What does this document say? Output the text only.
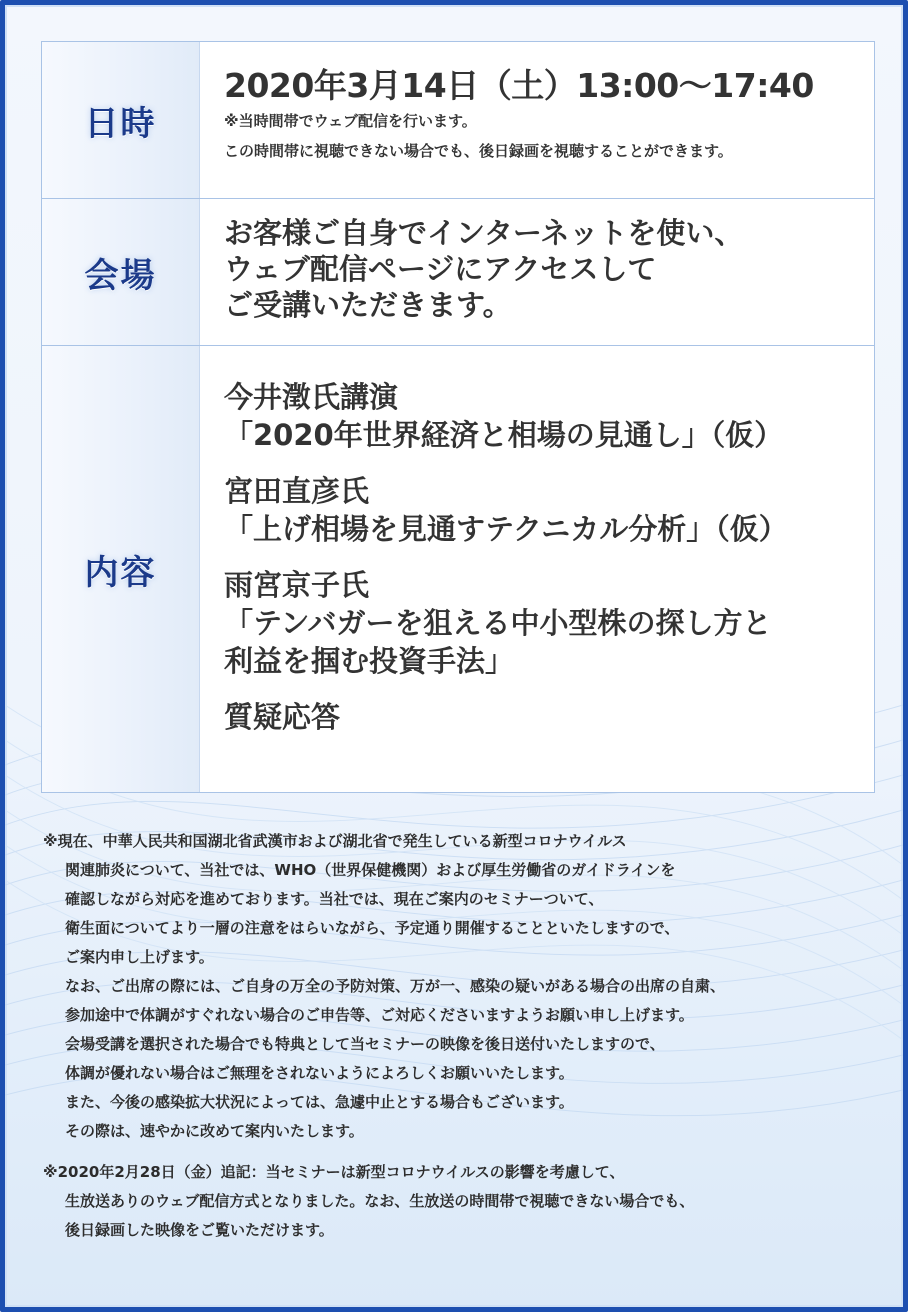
日時
2020年3月14日（土）13:00〜17:40
※当時間帯でウェブ配信を行います。
この時間帯に視聴できない場合でも、後日録画を視聴することができます。
会場
お客様ご自身でインターネットを使い、
ウェブ配信ページにアクセスして
ご受講いただきます。
内容
今井澂氏講演
「2020年世界経済と相場の見通し」（仮）
宮田直彦氏
「上げ相場を見通すテクニカル分析」（仮）
雨宮京子氏
「テンバガーを狙える中小型株の探し方と
利益を掴む投資手法」
質疑応答
※現在、中華人民共和国湖北省武漢市および湖北省で発生している新型コロナウイルス
関連肺炎について、当社では、WHO（世界保健機関）および厚生労働省のガイドラインを
確認しながら対応を進めております。当社では、現在ご案内のセミナーついて、
衛生面についてより一層の注意をはらいながら、予定通り開催することといたしますので、
ご案内申し上げます。
なお、ご出席の際には、ご自身の万全の予防対策、万が一、感染の疑いがある場合の出席の自粛、
参加途中で体調がすぐれない場合のご申告等、ご対応くださいますようお願い申し上げます。
会場受講を選択された場合でも特典として当セミナーの映像を後日送付いたしますので、
体調が優れない場合はご無理をされないようによろしくお願いいたします。
また、今後の感染拡大状況によっては、急遽中止とする場合もございます。
その際は、速やかに改めて案内いたします。
※2020年2月28日（金）追記：当セミナーは新型コロナウイルスの影響を考慮して、
生放送ありのウェブ配信方式となりました。なお、生放送の時間帯で視聴できない場合でも、
後日録画した映像をご覧いただけます。
